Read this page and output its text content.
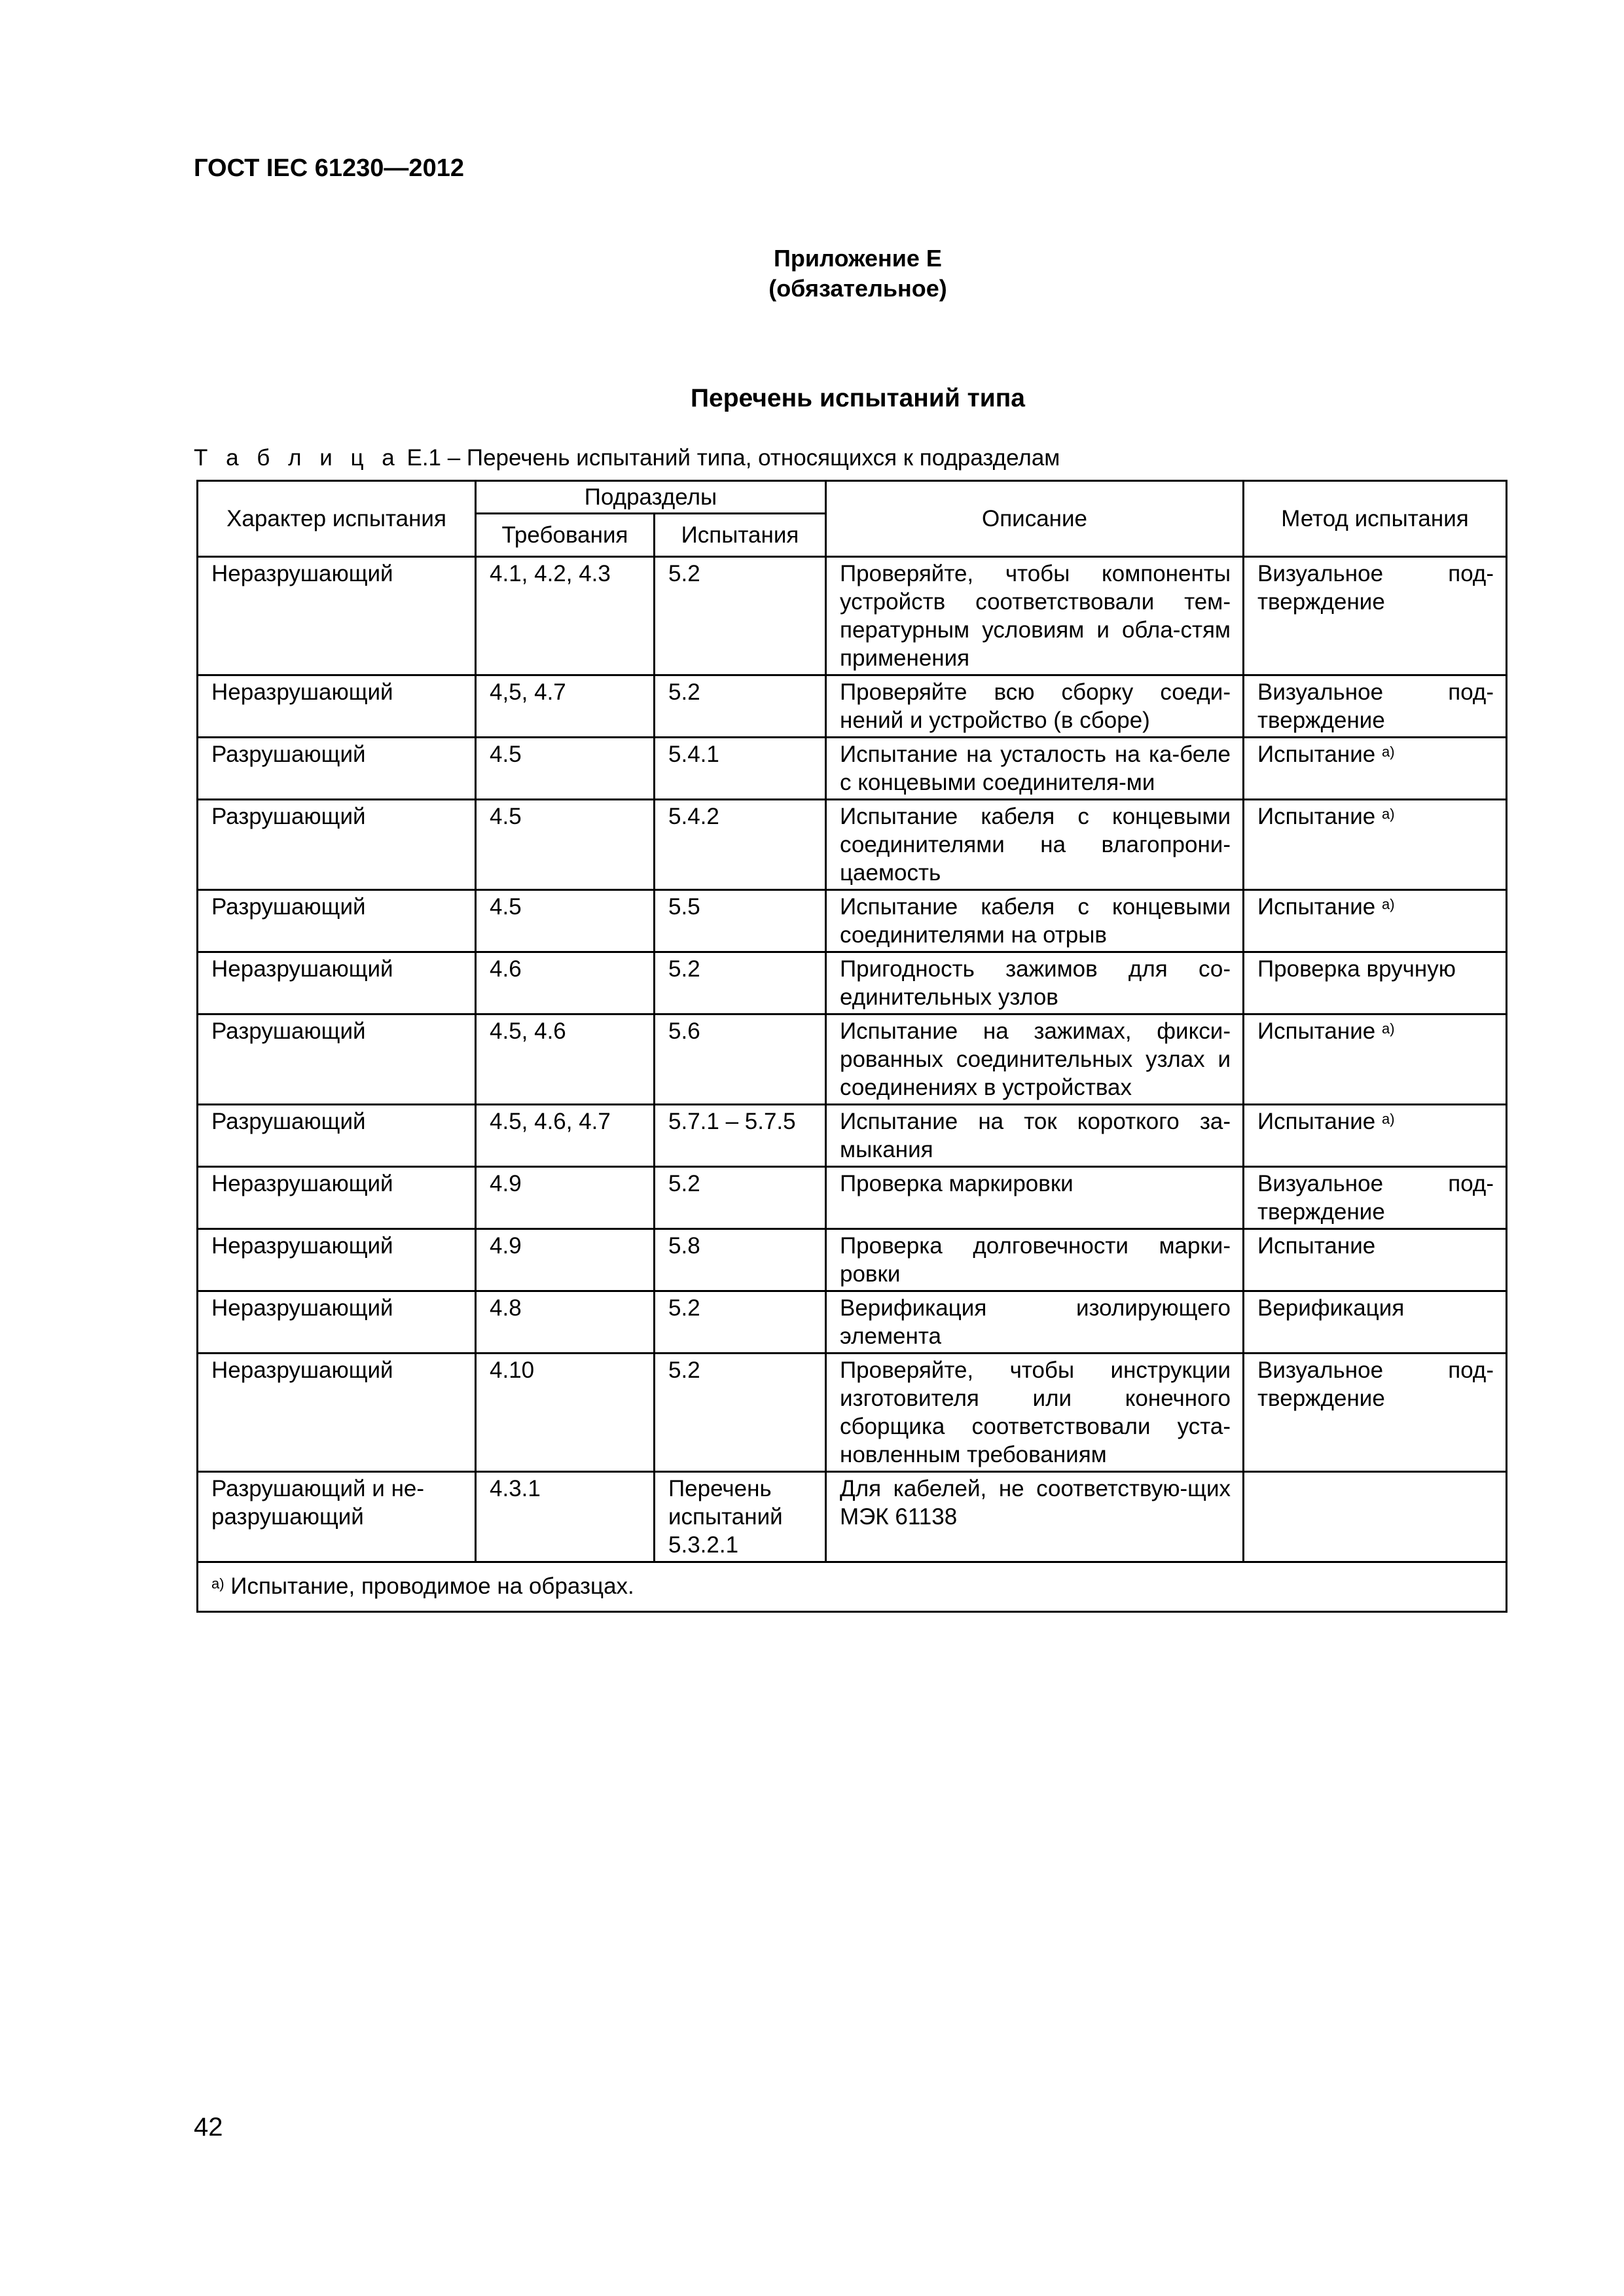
ГОСТ IEC 61230—2012
Приложение Е
(обязательное)
Перечень испытаний типа
Т а б л и ц а Е.1 – Перечень испытаний типа, относящихся к подразделам
Характер испытания	Подразделы		Описание	Метод испытания
	Требования	Испытания		
Неразрушающий	4.1, 4.2, 4.3	5.2	Проверяйте, чтобы компоненты устройств соответствовали тем-пературным условиям и обла-стям применения	Визуальное под-тверждение
Неразрушающий	4,5, 4.7	5.2	Проверяйте всю сборку соеди-нений и устройство (в сборе)	Визуальное под-тверждение
Разрушающий	4.5	5.4.1	Испытание на усталость на ка-беле с концевыми соединителя-ми	Испытание $^{а)}$
Разрушающий	4.5	5.4.2	Испытание кабеля с концевыми соединителями на влагопрони-цаемость	Испытание $^{а)}$
Разрушающий	4.5	5.5	Испытание кабеля с концевыми соединителями на отрыв	Испытание $^{а)}$
Неразрушающий	4.6	5.2	Пригодность зажимов для со-единительных узлов	Проверка вручную
Разрушающий	4.5, 4.6	5.6	Испытание на зажимах, фикси-рованных соединительных узлах и соединениях в устройствах	Испытание $^{а)}$
Разрушающий	4.5, 4.6, 4.7	5.7.1 – 5.7.5	Испытание на ток короткого за-мыкания	Испытание $^{а)}$
Неразрушающий	4.9	5.2	Проверка маркировки	Визуальное под-тверждение
Неразрушающий	4.9	5.8	Проверка долговечности марки-ровки	Испытание
Неразрушающий	4.8	5.2	Верификация изолирующего элемента	Верификация
Неразрушающий	4.10	5.2	Проверяйте, чтобы инструкции изготовителя или конечного сборщика соответствовали уста-новленным требованиям	Визуальное под-тверждение
Разрушающий и не-разрушающий	4.3.1	Перечень испытаний 5.3.2.1	Для кабелей, не соответствую-щих МЭК 61138	
$^{а)}$ Испытание, проводимое на образцах.				
42
